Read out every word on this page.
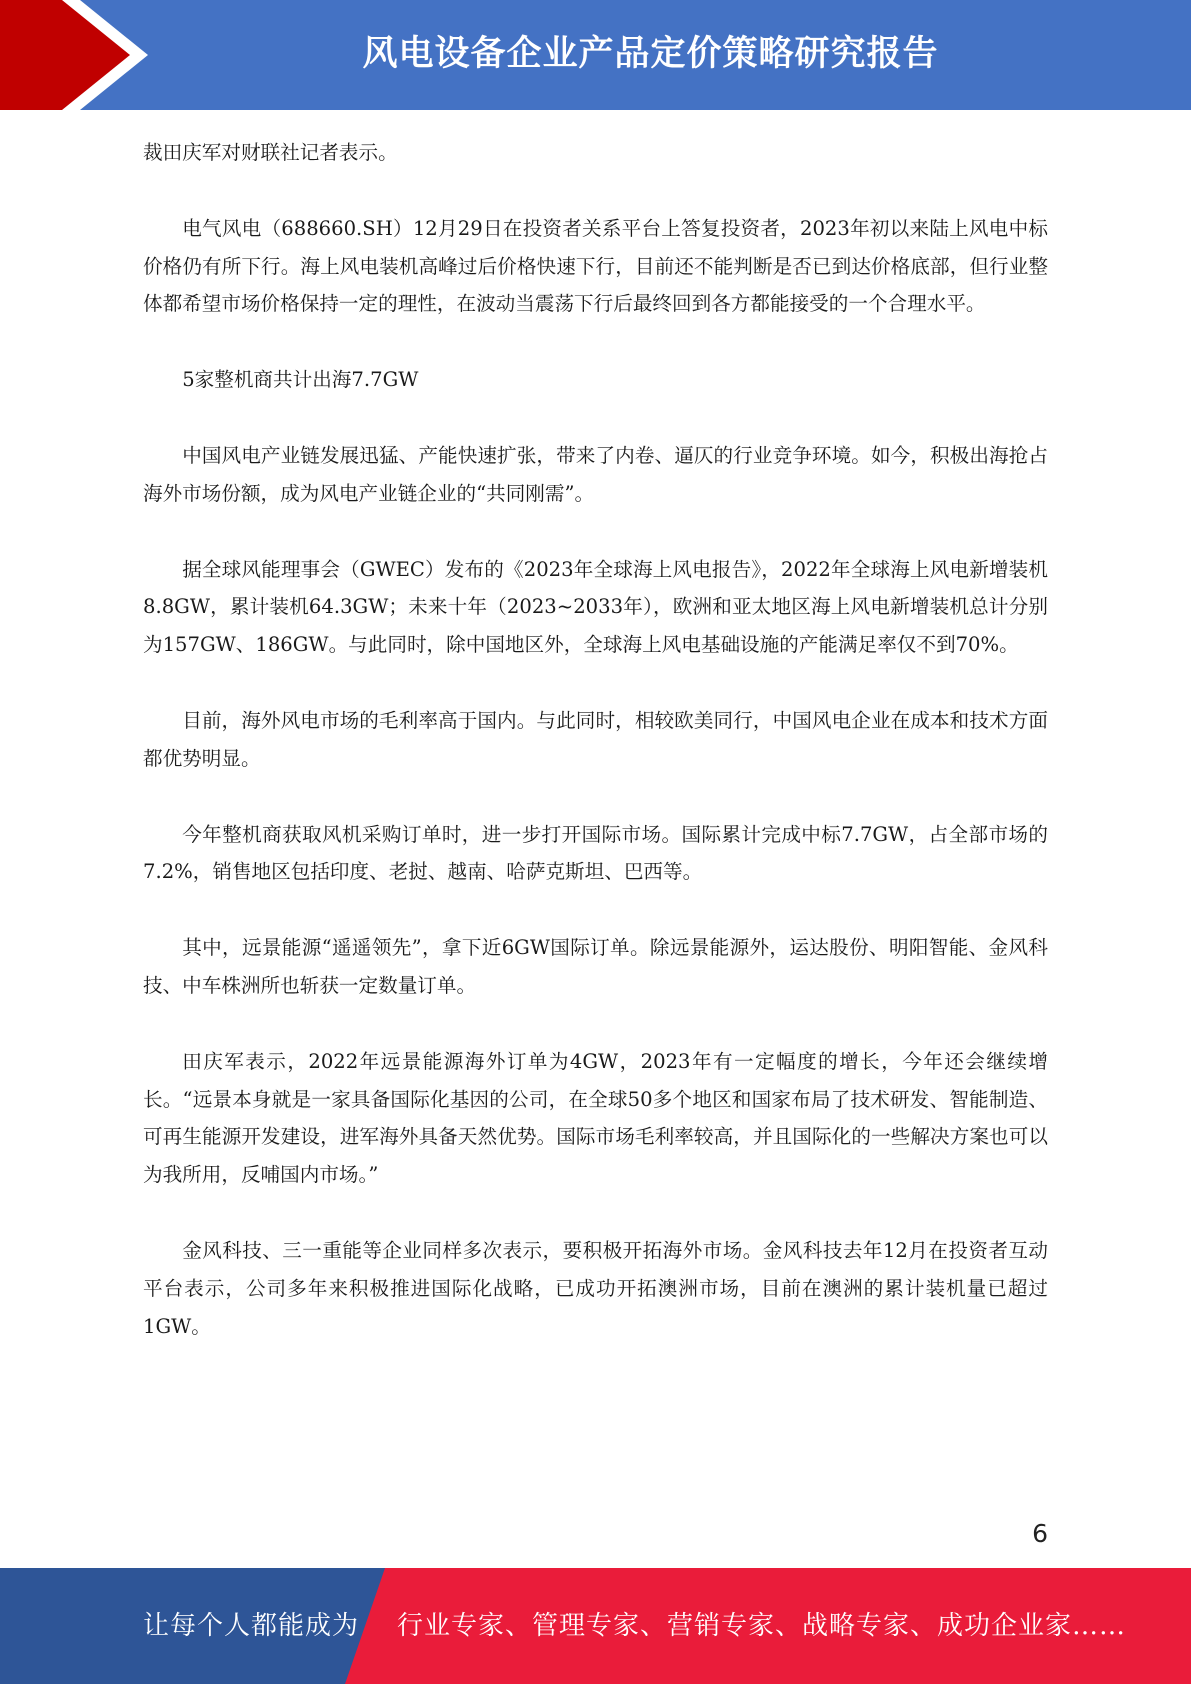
风电设备企业产品定价策略研究报告

裁田庆军对财联社记者表示。

电气风电（688660.SH）12月29日在投资者关系平台上答复投资者，2023年初以来陆上风电中标价格仍有所下行。海上风电装机高峰过后价格快速下行，目前还不能判断是否已到达价格底部，但行业整体都希望市场价格保持一定的理性，在波动当震荡下行后最终回到各方都能接受的一个合理水平。

5家整机商共计出海7.7GW

中国风电产业链发展迅猛、产能快速扩张，带来了内卷、逼仄的行业竞争环境。如今，积极出海抢占海外市场份额，成为风电产业链企业的“共同刚需”。

据全球风能理事会（GWEC）发布的《2023年全球海上风电报告》，2022年全球海上风电新增装机8.8GW，累计装机64.3GW；未来十年（2023~2033年），欧洲和亚太地区海上风电新增装机总计分别为157GW、186GW。与此同时，除中国地区外，全球海上风电基础设施的产能满足率仅不到70%。

目前，海外风电市场的毛利率高于国内。与此同时，相较欧美同行，中国风电企业在成本和技术方面都优势明显。

今年整机商获取风机采购订单时，进一步打开国际市场。国际累计完成中标7.7GW，占全部市场的7.2%，销售地区包括印度、老挝、越南、哈萨克斯坦、巴西等。

其中，远景能源“遥遥领先”，拿下近6GW国际订单。除远景能源外，运达股份、明阳智能、金风科技、中车株洲所也斩获一定数量订单。

田庆军表示，2022年远景能源海外订单为4GW，2023年有一定幅度的增长，今年还会继续增长。“远景本身就是一家具备国际化基因的公司，在全球50多个地区和国家布局了技术研发、智能制造、可再生能源开发建设，进军海外具备天然优势。国际市场毛利率较高，并且国际化的一些解决方案也可以为我所用，反哺国内市场。”

金风科技、三一重能等企业同样多次表示，要积极开拓海外市场。金风科技去年12月在投资者互动平台表示，公司多年来积极推进国际化战略，已成功开拓澳洲市场，目前在澳洲的累计装机量已超过1GW。

6
让每个人都能成为 行业专家、管理专家、营销专家、战略专家、成功企业家……
